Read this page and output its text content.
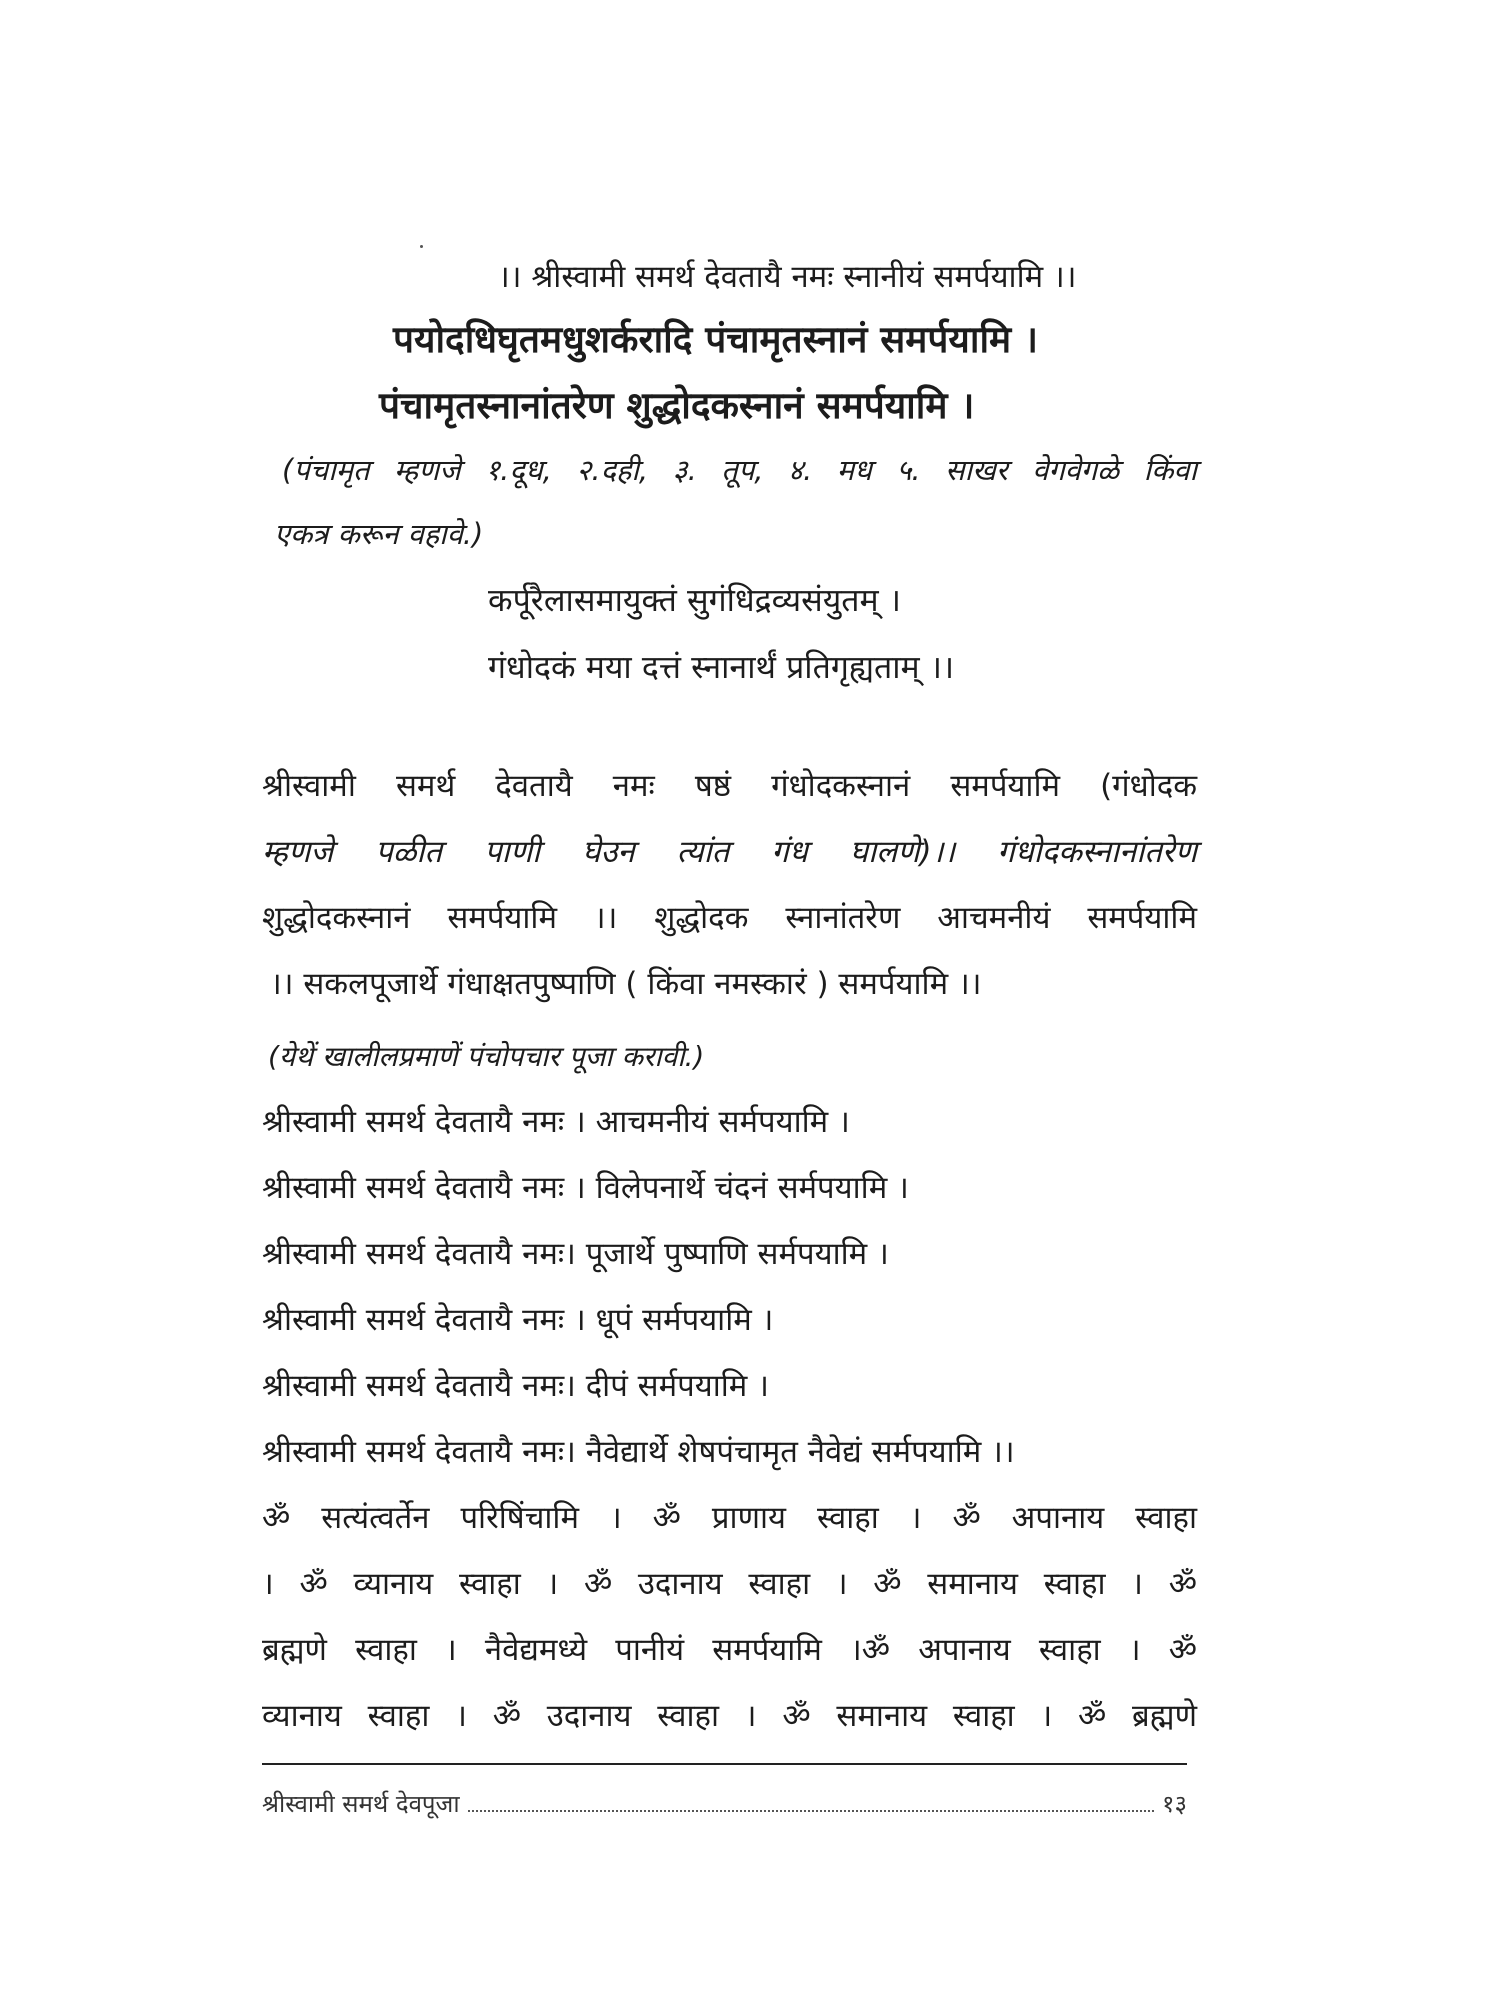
।। श्रीस्वामी समर्थ देवतायै नमः स्नानीयं समर्पयामि ।।
पयोदधिघृतमधुशर्करादि पंचामृतस्नानं समर्पयामि ।
पंचामृतस्नानांतरेण शुद्धोदकस्नानं समर्पयामि ।
(पंचामृत म्हणजे १.दूध, २.दही, ३. तूप, ४. मध ५. साखर वेगवेगळे किंवा
एकत्र करून वहावे.)
कर्पूरैलासमायुक्तं सुगंधिद्रव्यसंयुतम् ।
गंधोदकं मया दत्तं स्नानार्थं प्रतिगृह्यताम् ।।
श्रीस्वामी समर्थ देवतायै नमः षष्ठं गंधोदकस्नानं समर्पयामि (गंधोदक
म्हणजे पळीत पाणी घेउन त्यांत गंध घालणे)।। गंधोदकस्नानांतरेण
शुद्धोदकस्नानं समर्पयामि ।। शुद्धोदक स्नानांतरेण आचमनीयं समर्पयामि
।। सकलपूजार्थे गंधाक्षतपुष्पाणि ( किंवा नमस्कारं ) समर्पयामि ।।
(येथें खालीलप्रमाणें पंचोपचार पूजा करावी.)
श्रीस्वामी समर्थ देवतायै नमः । आचमनीयं सर्मपयामि ।
श्रीस्वामी समर्थ देवतायै नमः । विलेपनार्थे चंदनं सर्मपयामि ।
श्रीस्वामी समर्थ देवतायै नमः। पूजार्थे पुष्पाणि सर्मपयामि ।
श्रीस्वामी समर्थ देवतायै नमः । धूपं सर्मपयामि ।
श्रीस्वामी समर्थ देवतायै नमः। दीपं सर्मपयामि ।
श्रीस्वामी समर्थ देवतायै नमः। नैवेद्यार्थे शेषपंचामृत नैवेद्यं सर्मपयामि ।।
ॐ सत्यंत्वर्तेन परिषिंचामि । ॐ प्राणाय स्वाहा । ॐ अपानाय स्वाहा
। ॐ व्यानाय स्वाहा । ॐ उदानाय स्वाहा । ॐ समानाय स्वाहा । ॐ
ब्रह्मणे स्वाहा । नैवेद्यमध्ये पानीयं समर्पयामि ।ॐ अपानाय स्वाहा । ॐ
व्यानाय स्वाहा । ॐ उदानाय स्वाहा । ॐ समानाय स्वाहा । ॐ ब्रह्मणे
श्रीस्वामी समर्थ देवपूजा	१३
